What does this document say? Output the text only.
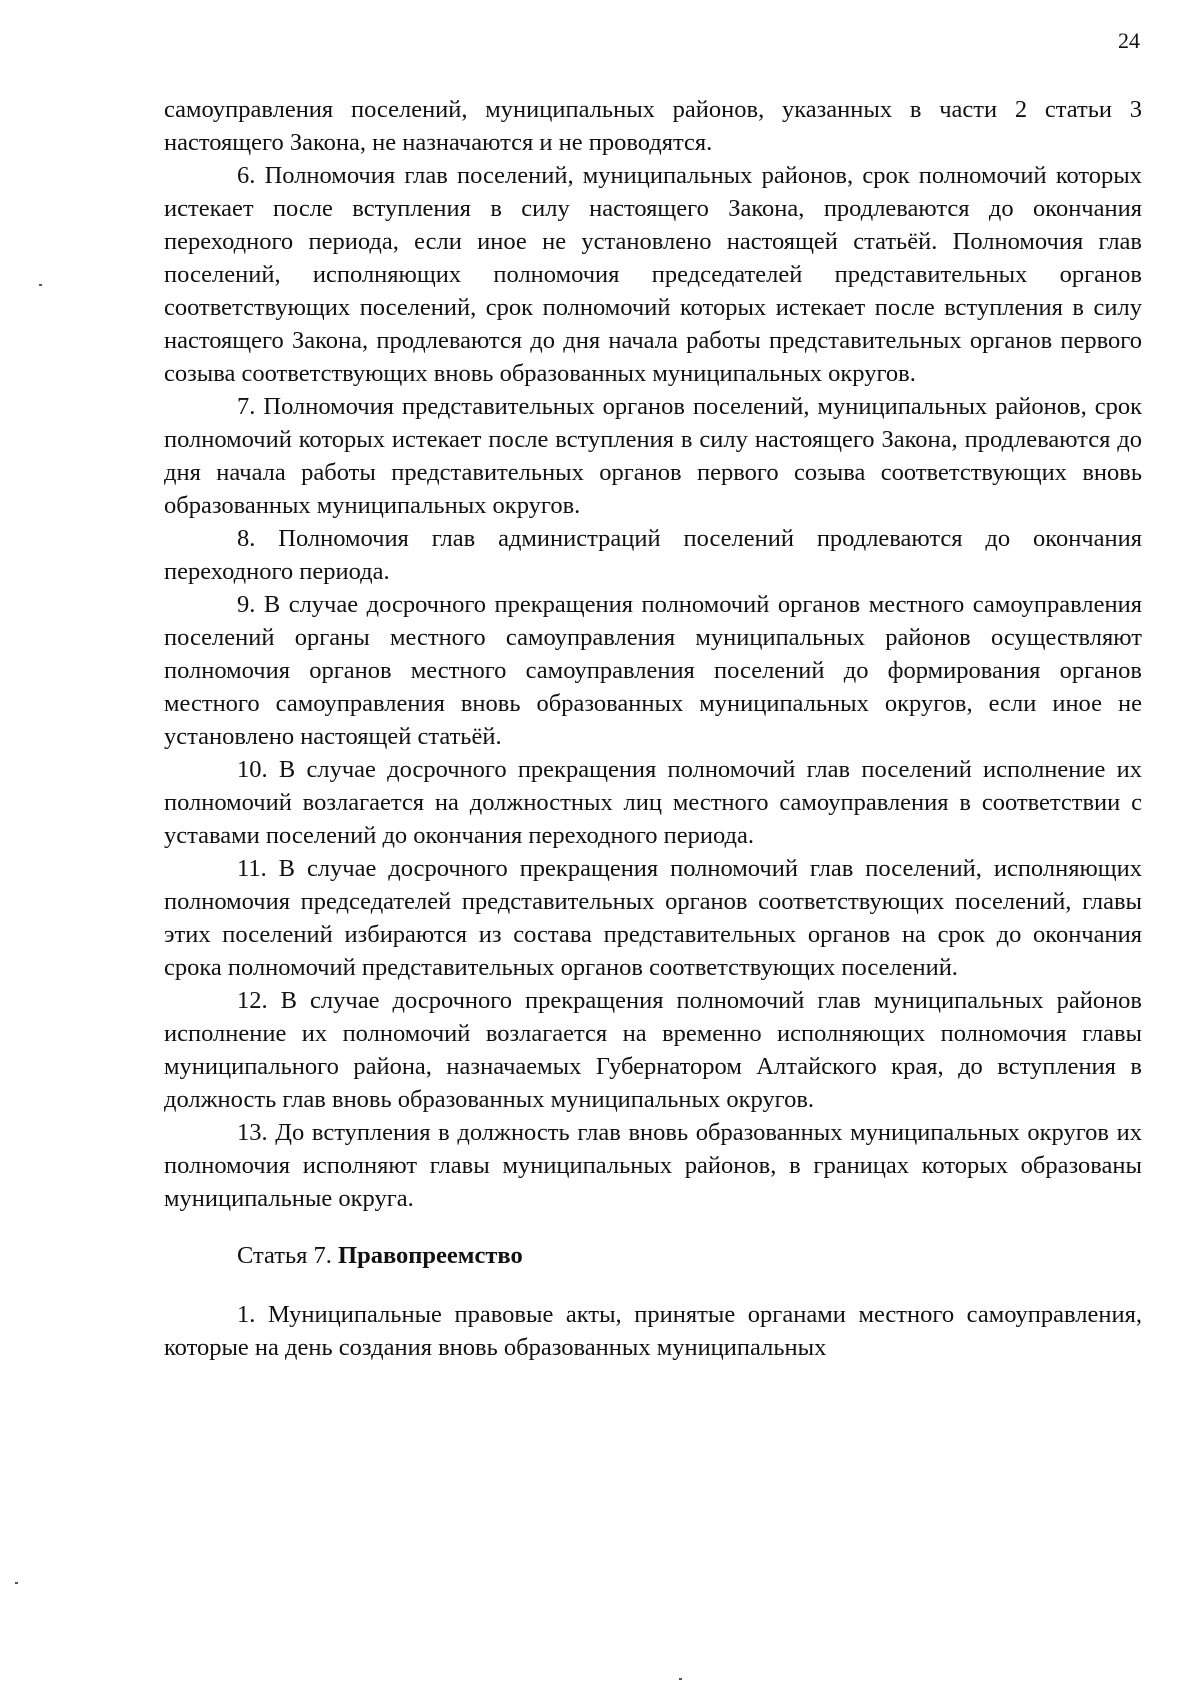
24

самоуправления поселений, муниципальных районов, указанных в части 2 статьи 3 настоящего Закона, не назначаются и не проводятся.

6. Полномочия глав поселений, муниципальных районов, срок полномочий которых истекает после вступления в силу настоящего Закона, продлеваются до окончания переходного периода, если иное не установлено настоящей статьёй. Полномочия глав поселений, исполняющих полномочия председателей представительных органов соответствующих поселений, срок полномочий которых истекает после вступления в силу настоящего Закона, продлеваются до дня начала работы представительных органов первого созыва соответствующих вновь образованных муниципальных округов.

7. Полномочия представительных органов поселений, муниципальных районов, срок полномочий которых истекает после вступления в силу настоящего Закона, продлеваются до дня начала работы представительных органов первого созыва соответствующих вновь образованных муниципальных округов.

8. Полномочия глав администраций поселений продлеваются до окончания переходного периода.

9. В случае досрочного прекращения полномочий органов местного самоуправления поселений органы местного самоуправления муниципальных районов осуществляют полномочия органов местного самоуправления поселений до формирования органов местного самоуправления вновь образованных муниципальных округов, если иное не установлено настоящей статьёй.

10. В случае досрочного прекращения полномочий глав поселений исполнение их полномочий возлагается на должностных лиц местного самоуправления в соответствии с уставами поселений до окончания переходного периода.

11. В случае досрочного прекращения полномочий глав поселений, исполняющих полномочия председателей представительных органов соответствующих поселений, главы этих поселений избираются из состава представительных органов на срок до окончания срока полномочий представительных органов соответствующих поселений.

12. В случае досрочного прекращения полномочий глав муниципальных районов исполнение их полномочий возлагается на временно исполняющих полномочия главы муниципального района, назначаемых Губернатором Алтайского края, до вступления в должность глав вновь образованных муниципальных округов.

13. До вступления в должность глав вновь образованных муниципальных округов их полномочия исполняют главы муниципальных районов, в границах которых образованы муниципальные округа.

Статья 7. Правопреемство

1. Муниципальные правовые акты, принятые органами местного самоуправления, которые на день создания вновь образованных муниципальных
